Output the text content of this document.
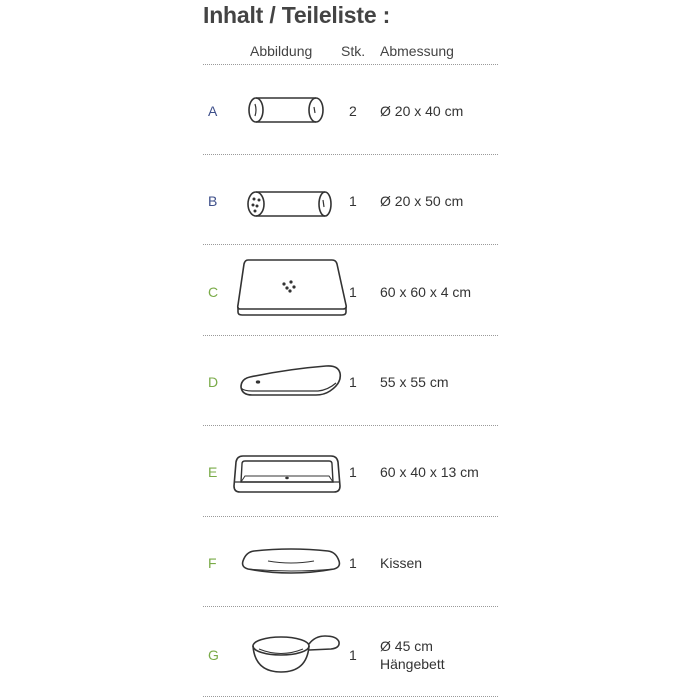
Inhalt / Teileliste :
Abbildung Stk. Abmessung
A	2 Ø 20 x 40 cm
B	1 Ø 20 x 50 cm
C	1 60 x 60 x 4 cm
D	1 55 x 55 cm
E	1 60 x 40 x 13 cm
F	1 Kissen
G	1
Ø 45 cm
Hängebett
